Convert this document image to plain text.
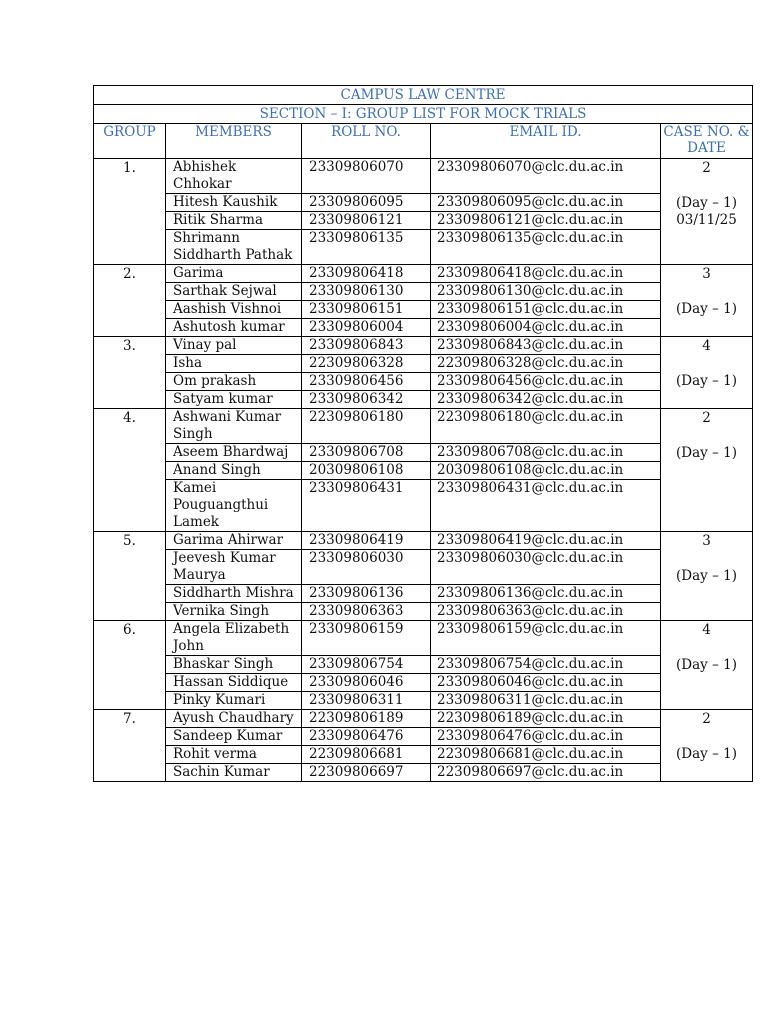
CAMPUS LAW CENTRE				
SECTION – I: GROUP LIST FOR MOCK TRIALS				
GROUP	MEMBERS	ROLL NO.	EMAIL ID.	CASE NO. & DATE
1.	Abhishek Chhokar	23309806070	23309806070@clc.du.ac.in	2
(Day – 1)
03/11/25

	Hitesh Kaushik	23309806095	23309806095@clc.du.ac.in	
	Ritik Sharma	23309806121	23309806121@clc.du.ac.in	
	Shrimann Siddharth Pathak	23309806135	23309806135@clc.du.ac.in	
2.	Garima	23309806418	23309806418@clc.du.ac.in	3
(Day – 1)

	Sarthak Sejwal	23309806130	23309806130@clc.du.ac.in	
	Aashish Vishnoi	23309806151	23309806151@clc.du.ac.in	
	Ashutosh kumar	23309806004	23309806004@clc.du.ac.in	
3.	Vinay pal	23309806843	23309806843@clc.du.ac.in	4
(Day – 1)

	Isha	22309806328	22309806328@clc.du.ac.in	
	Om prakash	23309806456	23309806456@clc.du.ac.in	
	Satyam kumar	23309806342	23309806342@clc.du.ac.in	
4.	Ashwani Kumar Singh	22309806180	22309806180@clc.du.ac.in	2
(Day – 1)

	Aseem Bhardwaj	23309806708	23309806708@clc.du.ac.in	
	Anand Singh	20309806108	20309806108@clc.du.ac.in	
	Kamei Pouguangthui Lamek	23309806431	23309806431@clc.du.ac.in	
5.	Garima Ahirwar	23309806419	23309806419@clc.du.ac.in	3
(Day – 1)

	Jeevesh Kumar Maurya	23309806030	23309806030@clc.du.ac.in	
	Siddharth Mishra	23309806136	23309806136@clc.du.ac.in	
	Vernika Singh	23309806363	23309806363@clc.du.ac.in	
6.	Angela Elizabeth John	23309806159	23309806159@clc.du.ac.in	4
(Day – 1)

	Bhaskar Singh	23309806754	23309806754@clc.du.ac.in	
	Hassan Siddique	23309806046	23309806046@clc.du.ac.in	
	Pinky Kumari	23309806311	23309806311@clc.du.ac.in	
7.	Ayush Chaudhary	22309806189	22309806189@clc.du.ac.in	2
(Day – 1)

	Sandeep Kumar	23309806476	23309806476@clc.du.ac.in	
	Rohit verma	22309806681	22309806681@clc.du.ac.in	
	Sachin Kumar	22309806697	22309806697@clc.du.ac.in	
